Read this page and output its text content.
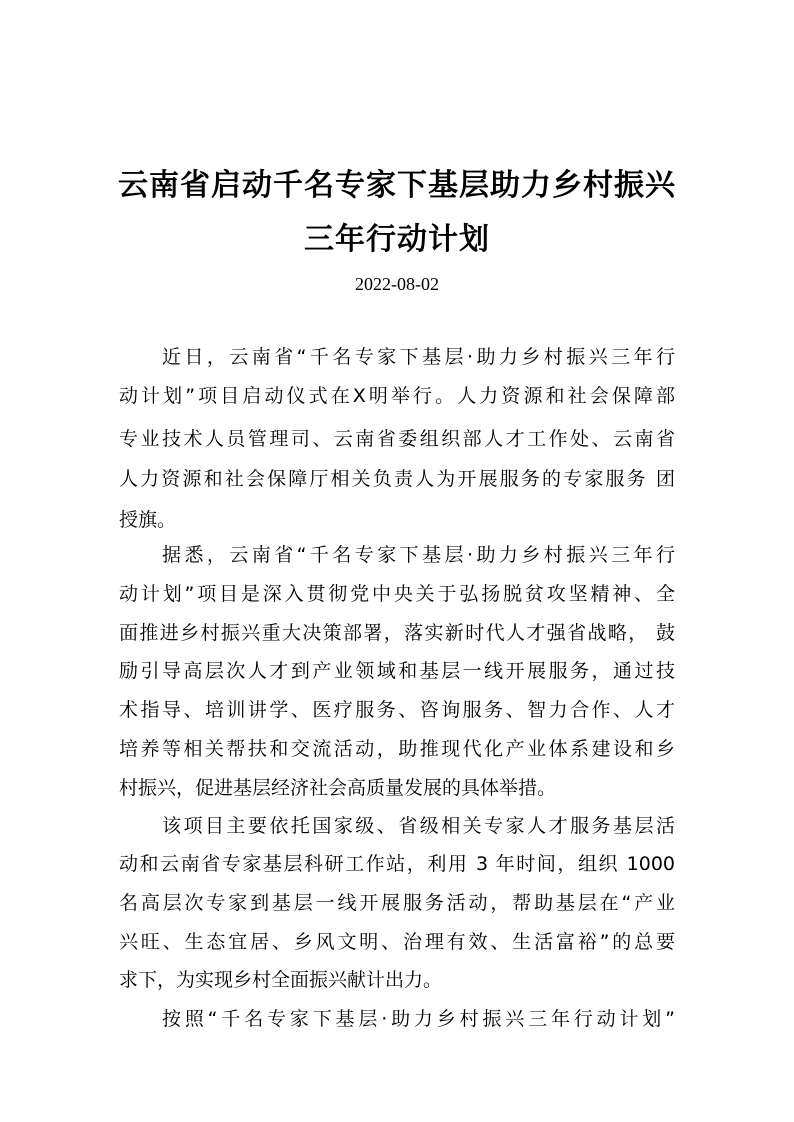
云南省启动千名专家下基层助力乡村振兴
三年行动计划
2022-08-02
近日，云南省“千名专家下基层·助力乡村振兴三年行
动计划”项目启动仪式在X明举行。人力资源和社会保障部
专业技术人员管理司、云南省委组织部人才工作处、云南省
人力资源和社会保障厅相关负责人为开展服务的专家服务 团
授旗。
据悉，云南省“千名专家下基层·助力乡村振兴三年行
动计划”项目是深入贯彻党中央关于弘扬脱贫攻坚精神、全
面推进乡村振兴重大决策部署，落实新时代人才强省战略， 鼓
励引导高层次人才到产业领域和基层一线开展服务，通过技
术指导、培训讲学、医疗服务、咨询服务、智力合作、人才
培养等相关帮扶和交流活动，助推现代化产业体系建设和乡
村振兴，促进基层经济社会高质量发展的具体举措。
该项目主要依托国家级、省级相关专家人才服务基层活
动和云南省专家基层科研工作站，利用 3 年时间，组织 1000
名高层次专家到基层一线开展服务活动，帮助基层在“产业
兴旺、生态宜居、乡风文明、治理有效、生活富裕”的总要
求下，为实现乡村全面振兴献计出力。
按照“千名专家下基层·助力乡村振兴三年行动计划”
